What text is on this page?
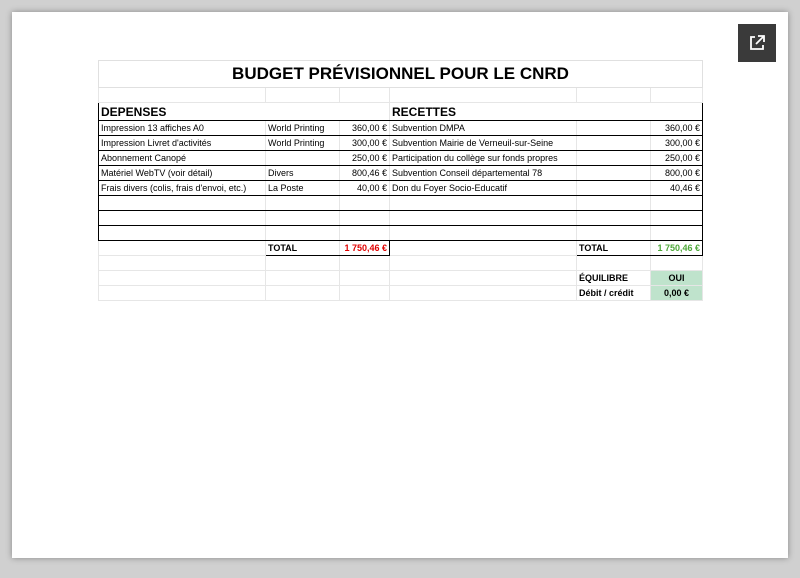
BUDGET PRÉVISIONNEL POUR LE CNRD					

DEPENSES			RECETTES		
Impression 13 affiches A0	World Printing	360,00 €	Subvention DMPA		360,00 €
Impression Livret d'activités	World Printing	300,00 €	Subvention Mairie de Verneuil-sur-Seine		300,00 €
Abonnement Canopé		250,00 €	Participation du collège sur fonds propres		250,00 €
Matériel WebTV (voir détail)	Divers	800,46 €	Subvention Conseil départemental 78		800,00 €
Frais divers (colis, frais d'envoi, etc.)	La Poste	40,00 €	Don du Foyer Socio-Educatif		40,46 €

	TOTAL	1 750,46 €		TOTAL	1 750,46 €

				ÉQUILIBRE	OUI
				Débit / crédit	0,00 €
